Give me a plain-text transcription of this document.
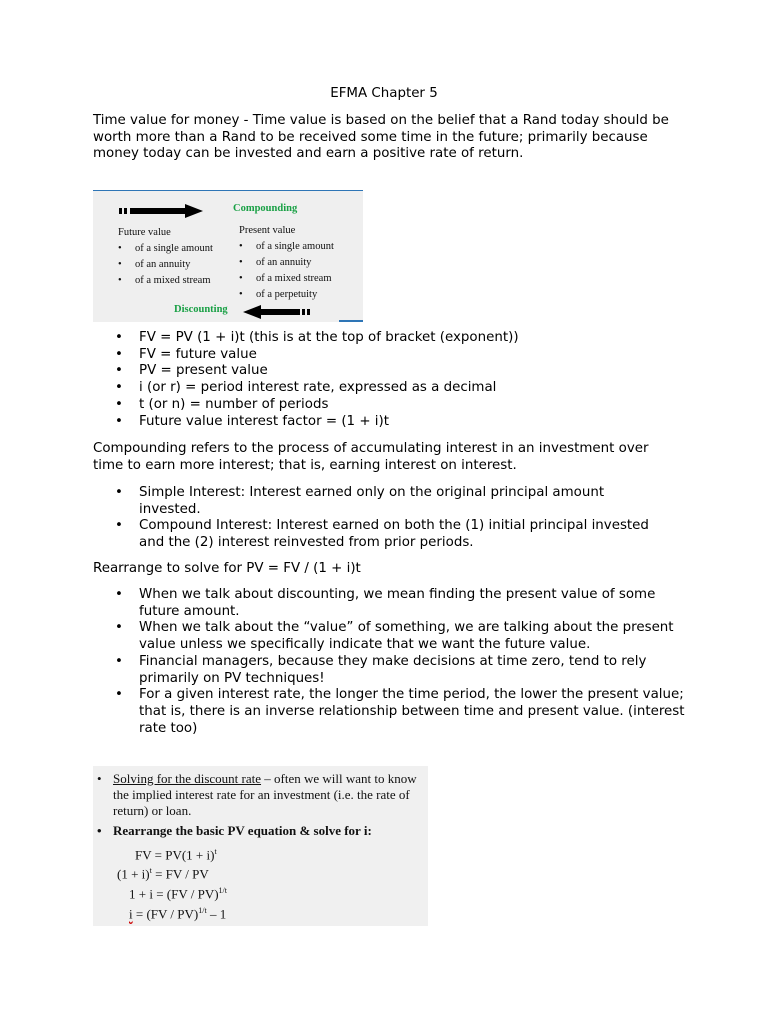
EFMA Chapter 5
Time value for money - Time value is based on the belief that a Rand today should be worth more than a Rand to be received some time in the future; primarily because money today can be invested and earn a positive rate of return.
Compounding
Future value
• of a single amount
• of an annuity
• of a mixed stream
Present value
• of a single amount
• of an annuity
• of a mixed stream
• of a perpetuity
Discounting
• FV = PV (1 + i)t (this is at the top of bracket (exponent))
• FV = future value
• PV = present value
• i (or r) = period interest rate, expressed as a decimal
• t (or n) = number of periods
• Future value interest factor = (1 + i)t
Compounding refers to the process of accumulating interest in an investment over time to earn more interest; that is, earning interest on interest.
• Simple Interest: Interest earned only on the original principal amount invested.
• Compound Interest: Interest earned on both the (1) initial principal invested and the (2) interest reinvested from prior periods.
Rearrange to solve for PV = FV / (1 + i)t
• When we talk about discounting, we mean finding the present value of some future amount.
• When we talk about the “value” of something, we are talking about the present value unless we specifically indicate that we want the future value.
• Financial managers, because they make decisions at time zero, tend to rely primarily on PV techniques!
• For a given interest rate, the longer the time period, the lower the present value; that is, there is an inverse relationship between time and present value. (interest rate too)
• Solving for the discount rate – often we will want to know the implied interest rate for an investment (i.e. the rate of return) or loan.
• Rearrange the basic PV equation & solve for i:
FV = $PV(1 + i)^t$
$(1 + i)^t$ = FV / PV
1 + i = (FV / PV)$^{1/t}$
i = (FV / PV)$^{1/t}$ – 1
